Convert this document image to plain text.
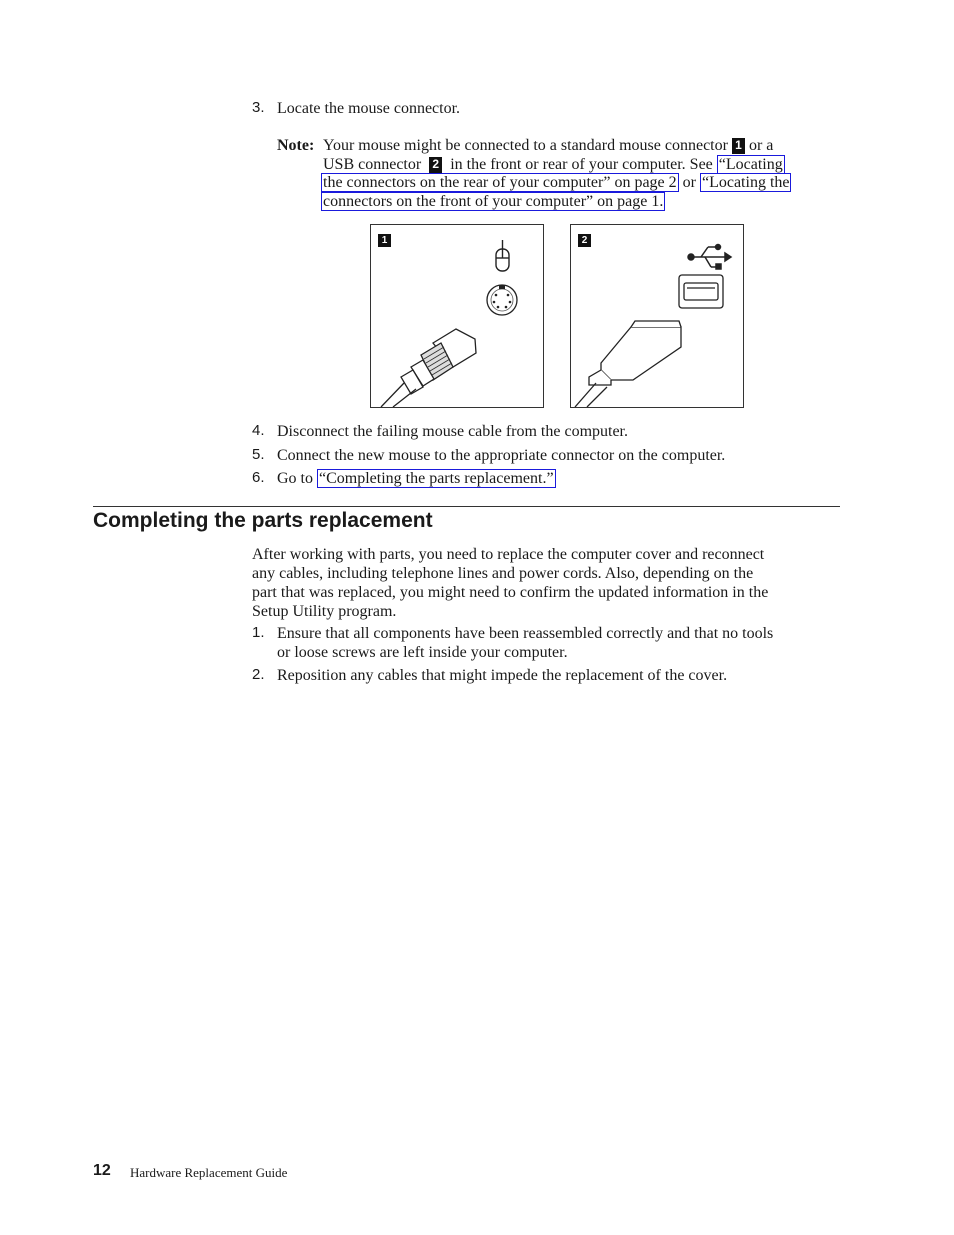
3. Locate the mouse connector.
Note: Your mouse might be connected to a standard mouse connector 1 or a
USB connector 2 in the front or rear of your computer. See “Locating
the connectors on the rear of your computer” on page 2 or “Locating the
connectors on the front of your computer” on page 1.
1	2
4. Disconnect the failing mouse cable from the computer.
5. Connect the new mouse to the appropriate connector on the computer.
6. Go to “Completing the parts replacement.”
Completing the parts replacement
After working with parts, you need to replace the computer cover and reconnect
any cables, including telephone lines and power cords. Also, depending on the
part that was replaced, you might need to confirm the updated information in the
Setup Utility program.
1. Ensure that all components have been reassembled correctly and that no tools
or loose screws are left inside your computer.
2. Reposition any cables that might impede the replacement of the cover.
12 Hardware Replacement Guide
